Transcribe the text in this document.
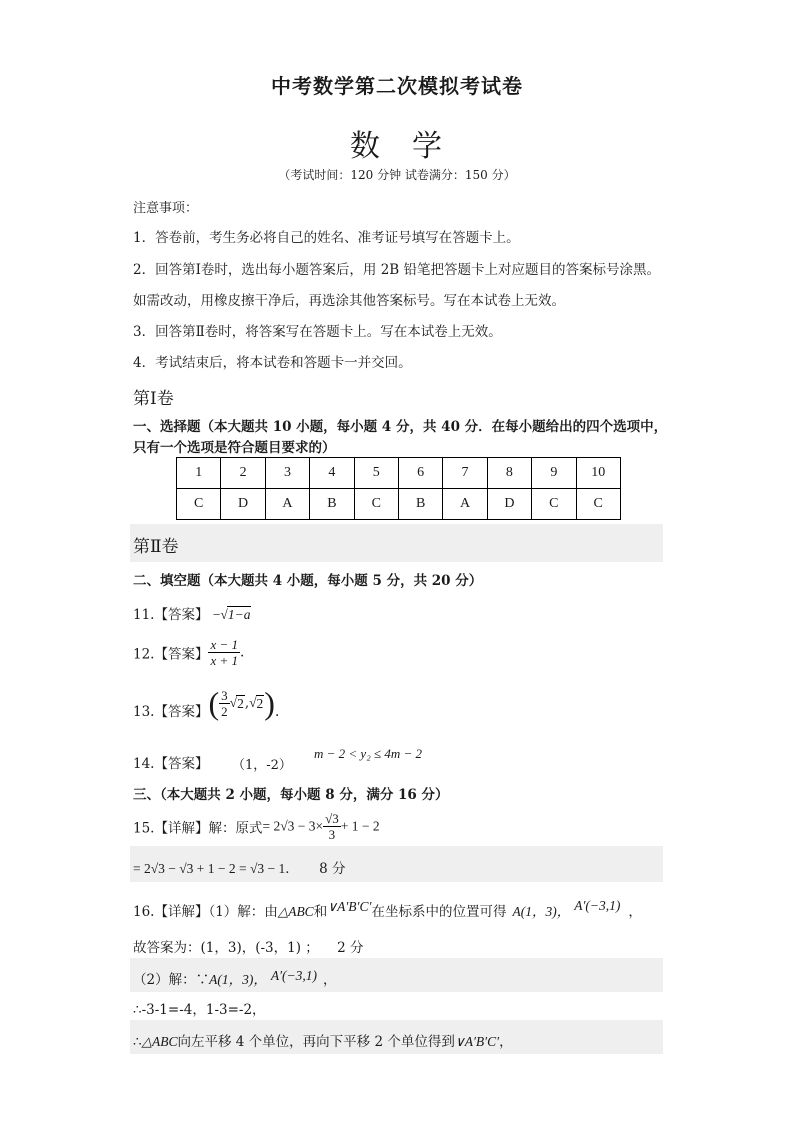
中考数学第二次模拟考试卷
数学
（考试时间：120 分钟 试卷满分：150 分）
注意事项：
1．答卷前，考生务必将自己的姓名、准考证号填写在答题卡上。
2．回答第Ⅰ卷时，选出每小题答案后，用 2B 铅笔把答题卡上对应题目的答案标号涂黑。
如需改动，用橡皮擦干净后，再选涂其他答案标号。写在本试卷上无效。
3．回答第Ⅱ卷时，将答案写在答题卡上。写在本试卷上无效。
4．考试结束后，将本试卷和答题卡一并交回。
第Ⅰ卷
一、选择题（本大题共 10 小题，每小题 4 分，共 40 分．在每小题给出的四个选项中，
只有一个选项是符合题目要求的）
1	2	3	4	5	6	7	8	9	10
C	D	A	B	C	B	A	D	C	C
第Ⅱ卷
二、填空题（本大题共 4 小题，每小题 5 分，共 20 分）
11.【答案】 −√1−a
12.【答案】 $\frac{x - 1}{x + 1}$ .
13.【答案】( $\frac{3}{2} √2,√2$).
14.【答案】 （1，-2）
m − 2 < y₂ ≤ 4m − 2
三、（本大题共 2 小题，每小题 8 分，满分 16 分）
15.【详解】解：原式= $2√3 - 3\times \frac{√3}{3} + 1 - 2$
= 2√3 − √3 + 1 − 2 = √3 − 1． 8 分
16.【详解】（1）解：由△ABC和∨A′B′C′在坐标系中的位置可得 A(1，3)， A′(−3,1) ，
故答案为：(1，3)，(-3，1) ； 2 分
（2）解：∵A(1，3)， A′(−3,1) ，
∴-3-1=-4，1-3=-2，
∴△ABC向左平移 4 个单位，再向下平移 2 个单位得到∨A′B′C′，
